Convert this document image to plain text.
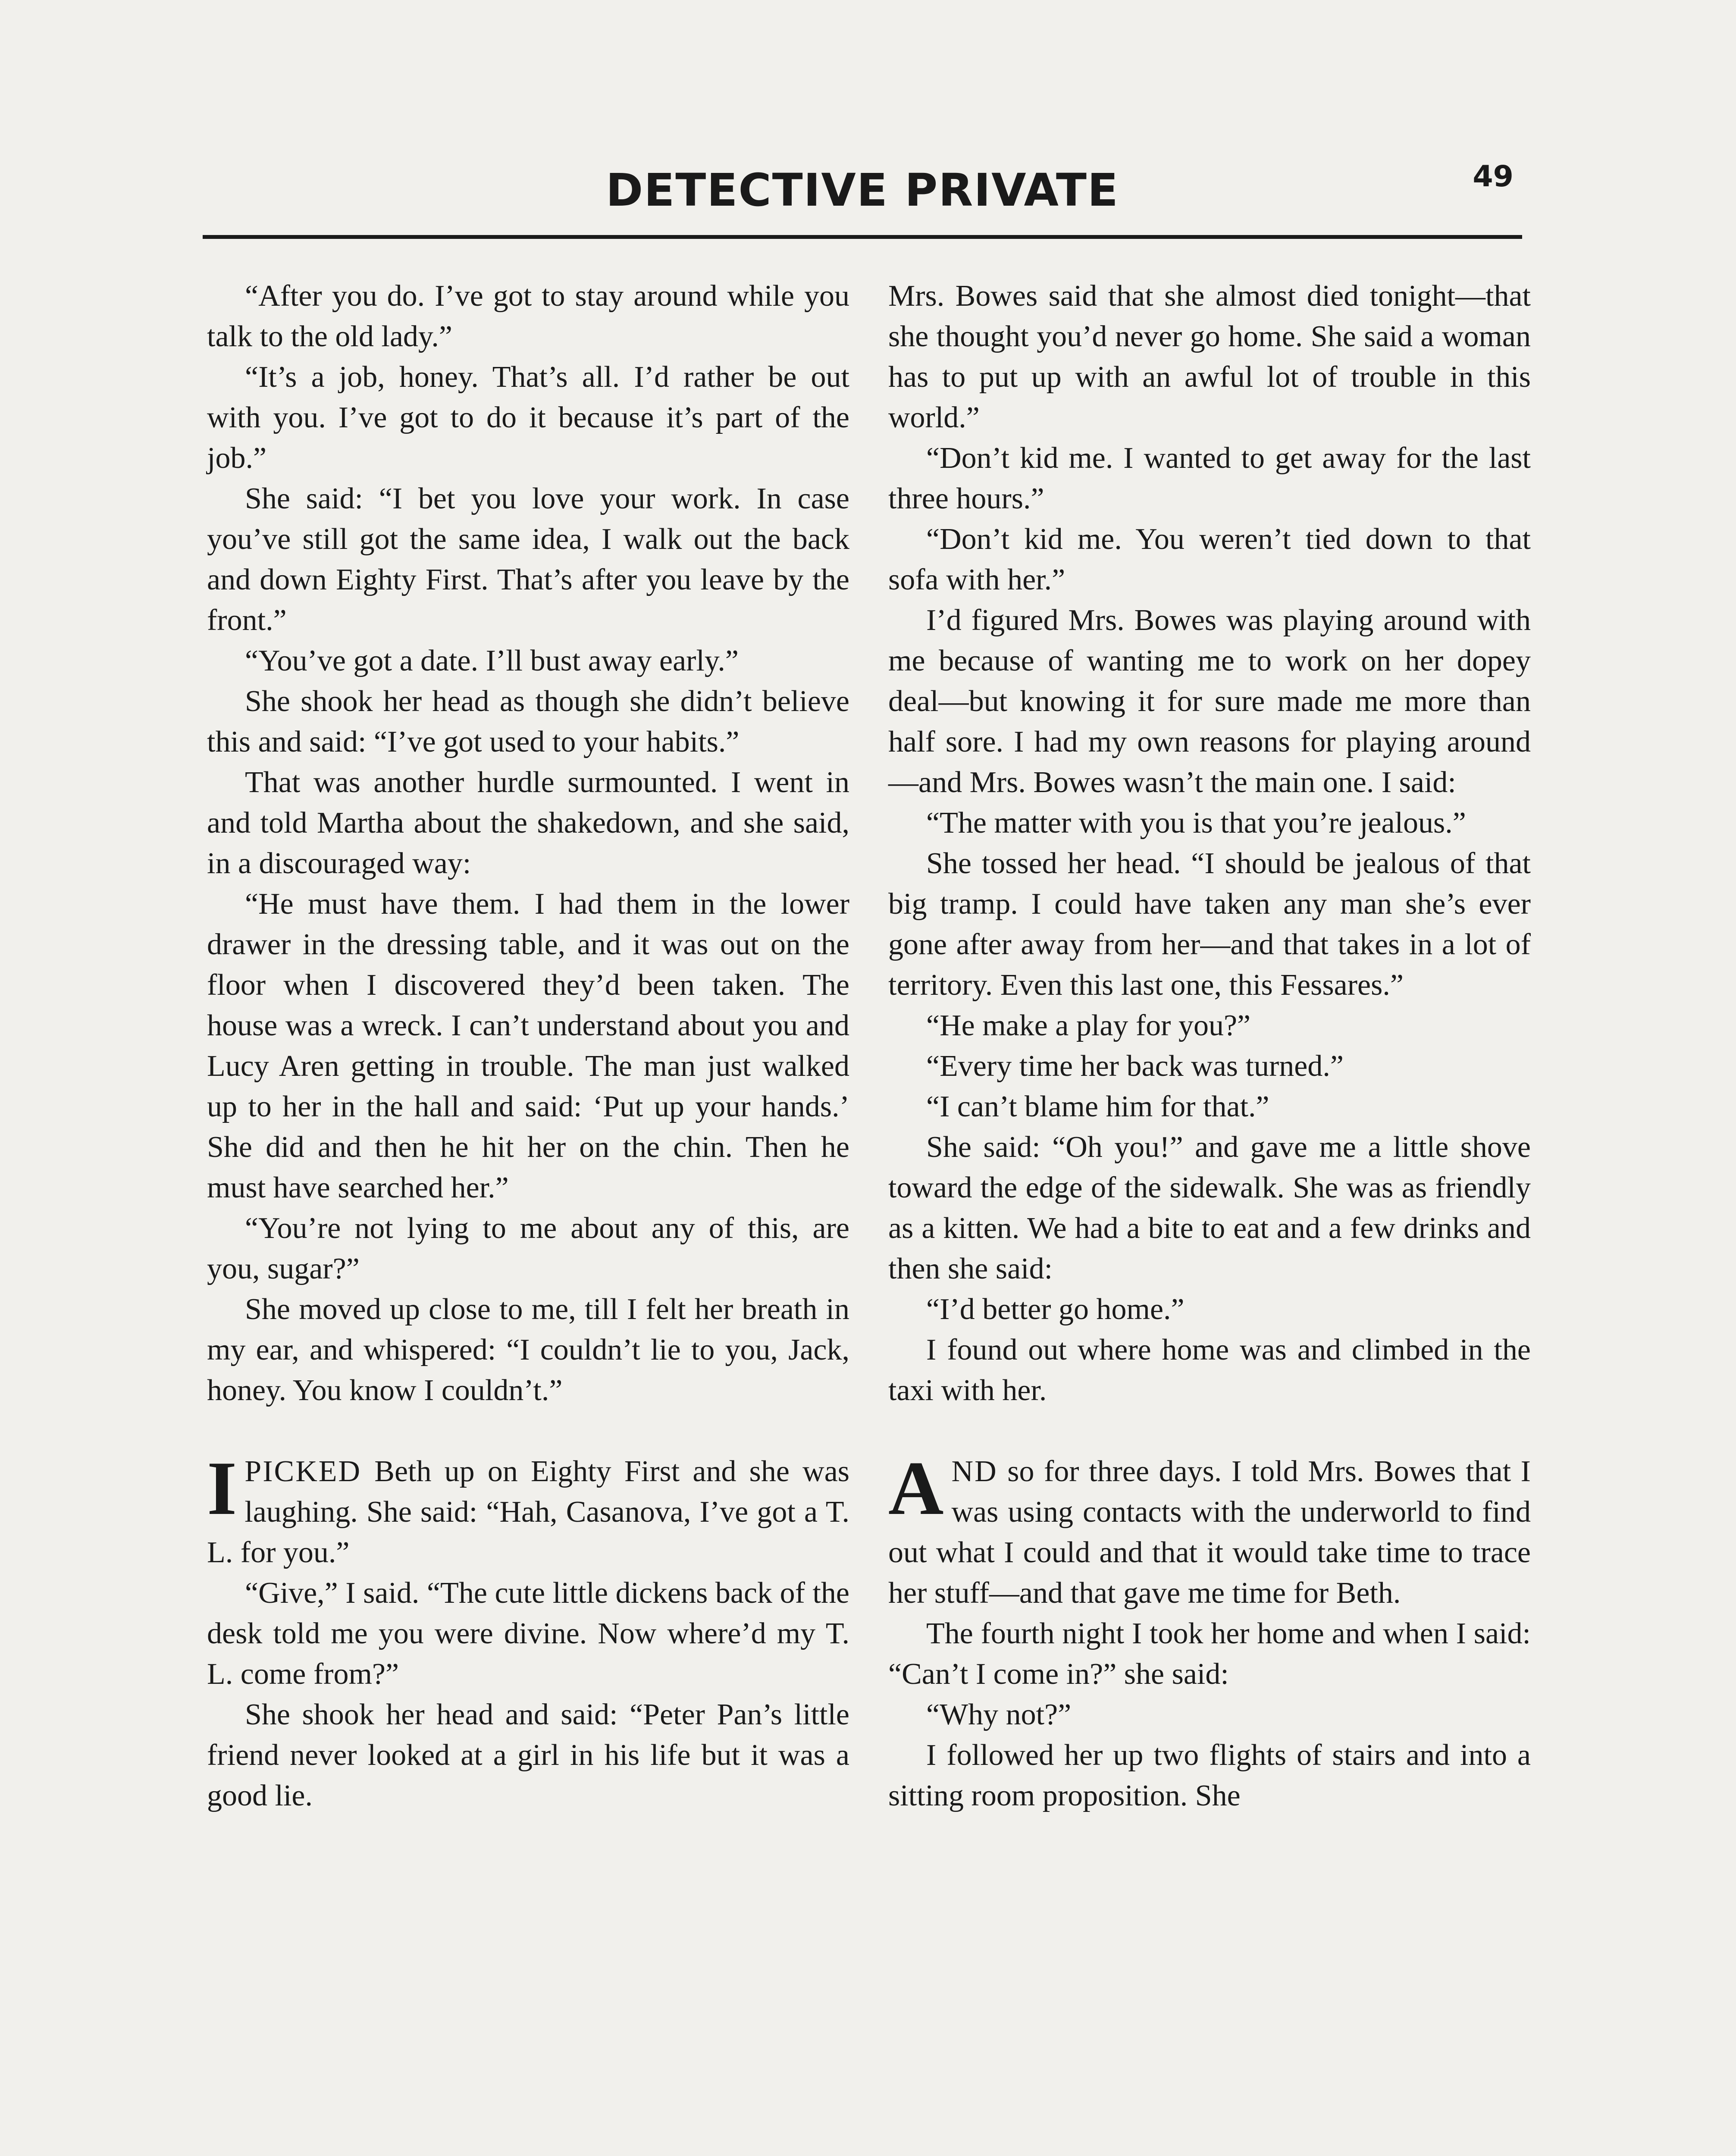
DETECTIVE PRIVATE	49

“After you do. I’ve got to stay around while you talk to the old lady.”

“It’s a job, honey. That’s all. I’d rather be out with you. I’ve got to do it because it’s part of the job.”

She said: “I bet you love your work. In case you’ve still got the same idea, I walk out the back and down Eighty First. That’s after you leave by the front.”

“You’ve got a date. I’ll bust away early.”

She shook her head as though she didn’t believe this and said: “I’ve got used to your habits.”

That was another hurdle surmounted. I went in and told Martha about the shakedown, and she said, in a discouraged way:

“He must have them. I had them in the lower drawer in the dressing table, and it was out on the floor when I discovered they’d been taken. The house was a wreck. I can’t understand about you and Lucy Aren getting in trouble. The man just walked up to her in the hall and said: ‘Put up your hands.’ She did and then he hit her on the chin. Then he must have searched her.”

“You’re not lying to me about any of this, are you, sugar?”

She moved up close to me, till I felt her breath in my ear, and whispered: “I couldn’t lie to you, Jack, honey. You know I couldn’t.”

IPICKED Beth up on Eighty First and she was laughing. She said: “Hah, Casanova, I’ve got a T. L. for you.”

“Give,” I said. “The cute little dickens back of the desk told me you were divine. Now where’d my T. L. come from?”

She shook her head and said: “Peter Pan’s little friend never looked at a girl in his life but it was a good lie.

Mrs. Bowes said that she almost died tonight—that she thought you’d never go home. She said a woman has to put up with an awful lot of trouble in this world.”

“Don’t kid me. I wanted to get away for the last three hours.”

“Don’t kid me. You weren’t tied down to that sofa with her.”

I’d figured Mrs. Bowes was playing around with me because of wanting me to work on her dopey deal—but knowing it for sure made me more than half sore. I had my own reasons for playing around—and Mrs. Bowes wasn’t the main one. I said:

“The matter with you is that you’re jealous.”

She tossed her head. “I should be jealous of that big tramp. I could have taken any man she’s ever gone after away from her—and that takes in a lot of territory. Even this last one, this Fessares.”

“He make a play for you?”

“Every time her back was turned.”

“I can’t blame him for that.”

She said: “Oh you!” and gave me a little shove toward the edge of the sidewalk. She was as friendly as a kitten. We had a bite to eat and a few drinks and then she said:

“I’d better go home.”

I found out where home was and climbed in the taxi with her.

AND so for three days. I told Mrs. Bowes that I was using contacts with the underworld to find out what I could and that it would take time to trace her stuff—and that gave me time for Beth.

The fourth night I took her home and when I said: “Can’t I come in?” she said:

“Why not?”

I followed her up two flights of stairs and into a sitting room proposition. She
